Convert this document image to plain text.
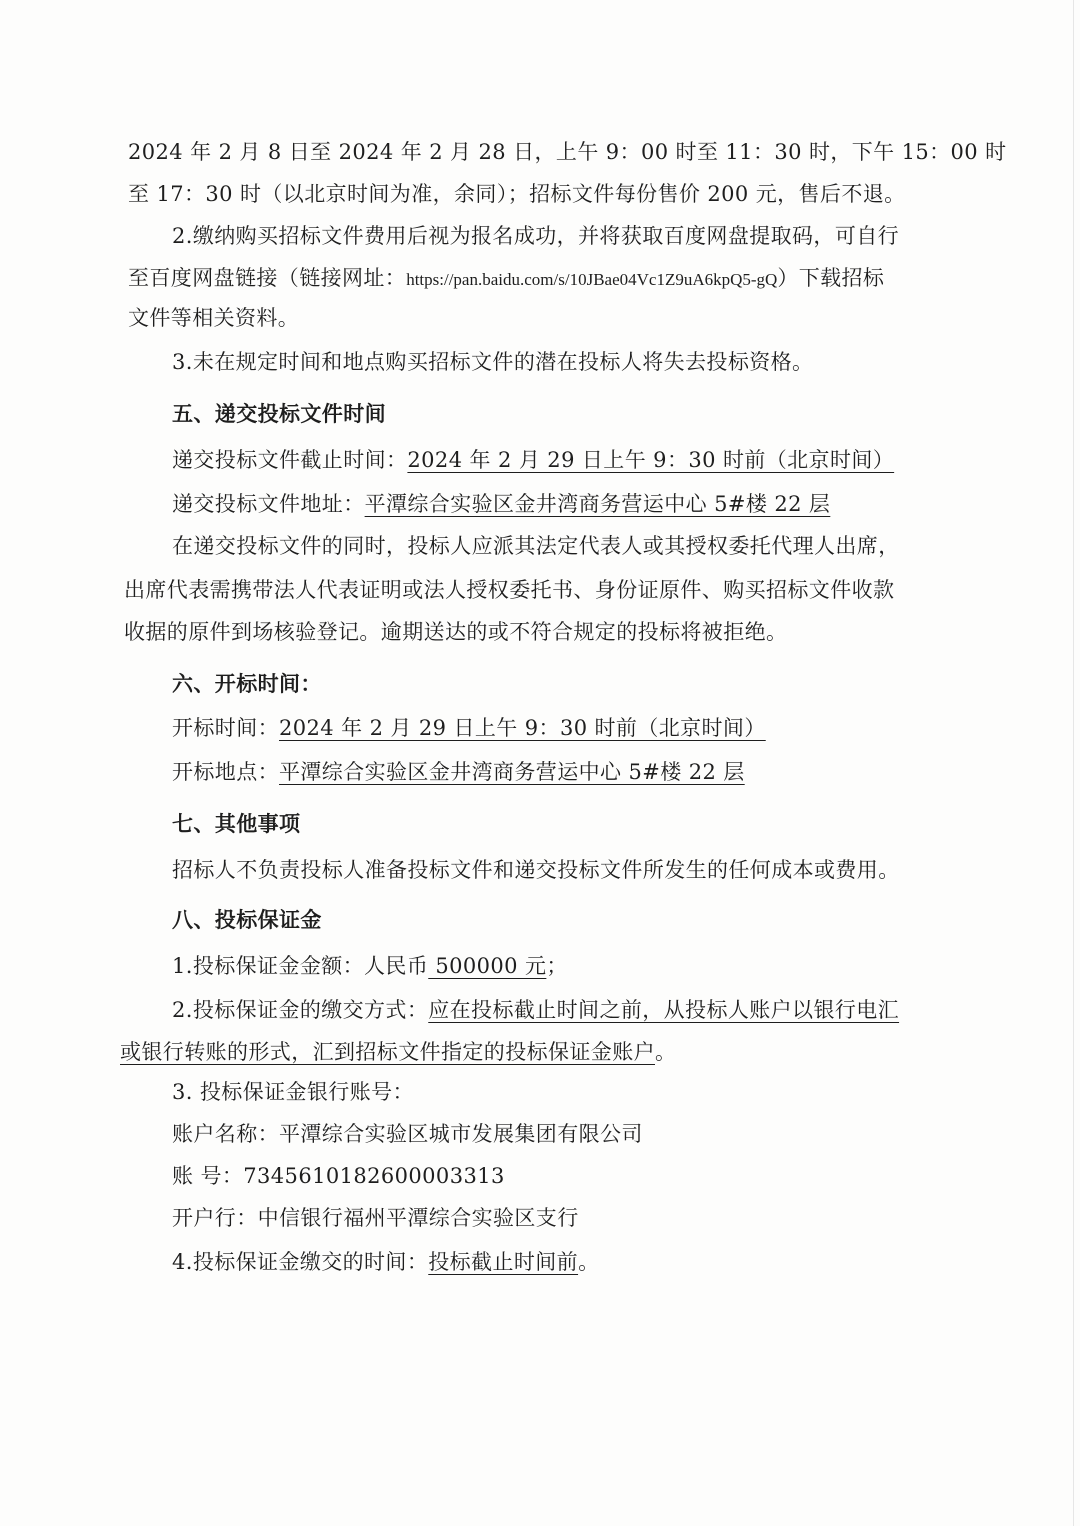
2024 年 2 月 8 日至 2024 年 2 月 28 日，上午 9：00 时至 11：30 时，下午 15：00 时
至 17：30 时（以北京时间为准，余同）；招标文件每份售价 200 元，售后不退。
2.缴纳购买招标文件费用后视为报名成功，并将获取百度网盘提取码，可自行
至百度网盘链接（链接网址：https://pan.baidu.com/s/10JBae04Vc1Z9uA6kpQ5-gQ）下载招标
文件等相关资料。
3.未在规定时间和地点购买招标文件的潜在投标人将失去投标资格。
五、递交投标文件时间
递交投标文件截止时间：2024 年 2 月 29 日上午 9：30 时前（北京时间）
递交投标文件地址：平潭综合实验区金井湾商务营运中心 5#楼 22 层
在递交投标文件的同时，投标人应派其法定代表人或其授权委托代理人出席，
出席代表需携带法人代表证明或法人授权委托书、身份证原件、购买招标文件收款
收据的原件到场核验登记。逾期送达的或不符合规定的投标将被拒绝。
六、开标时间：
开标时间：2024 年 2 月 29 日上午 9：30 时前（北京时间）
开标地点：平潭综合实验区金井湾商务营运中心 5#楼 22 层
七、其他事项
招标人不负责投标人准备投标文件和递交投标文件所发生的任何成本或费用。
八、投标保证金
1.投标保证金金额：人民币 500000 元；
2.投标保证金的缴交方式：应在投标截止时间之前，从投标人账户以银行电汇
或银行转账的形式，汇到招标文件指定的投标保证金账户。
3. 投标保证金银行账号：
账户名称：平潭综合实验区城市发展集团有限公司
账 号：7345610182600003313
开户行：中信银行福州平潭综合实验区支行
4.投标保证金缴交的时间：投标截止时间前。
